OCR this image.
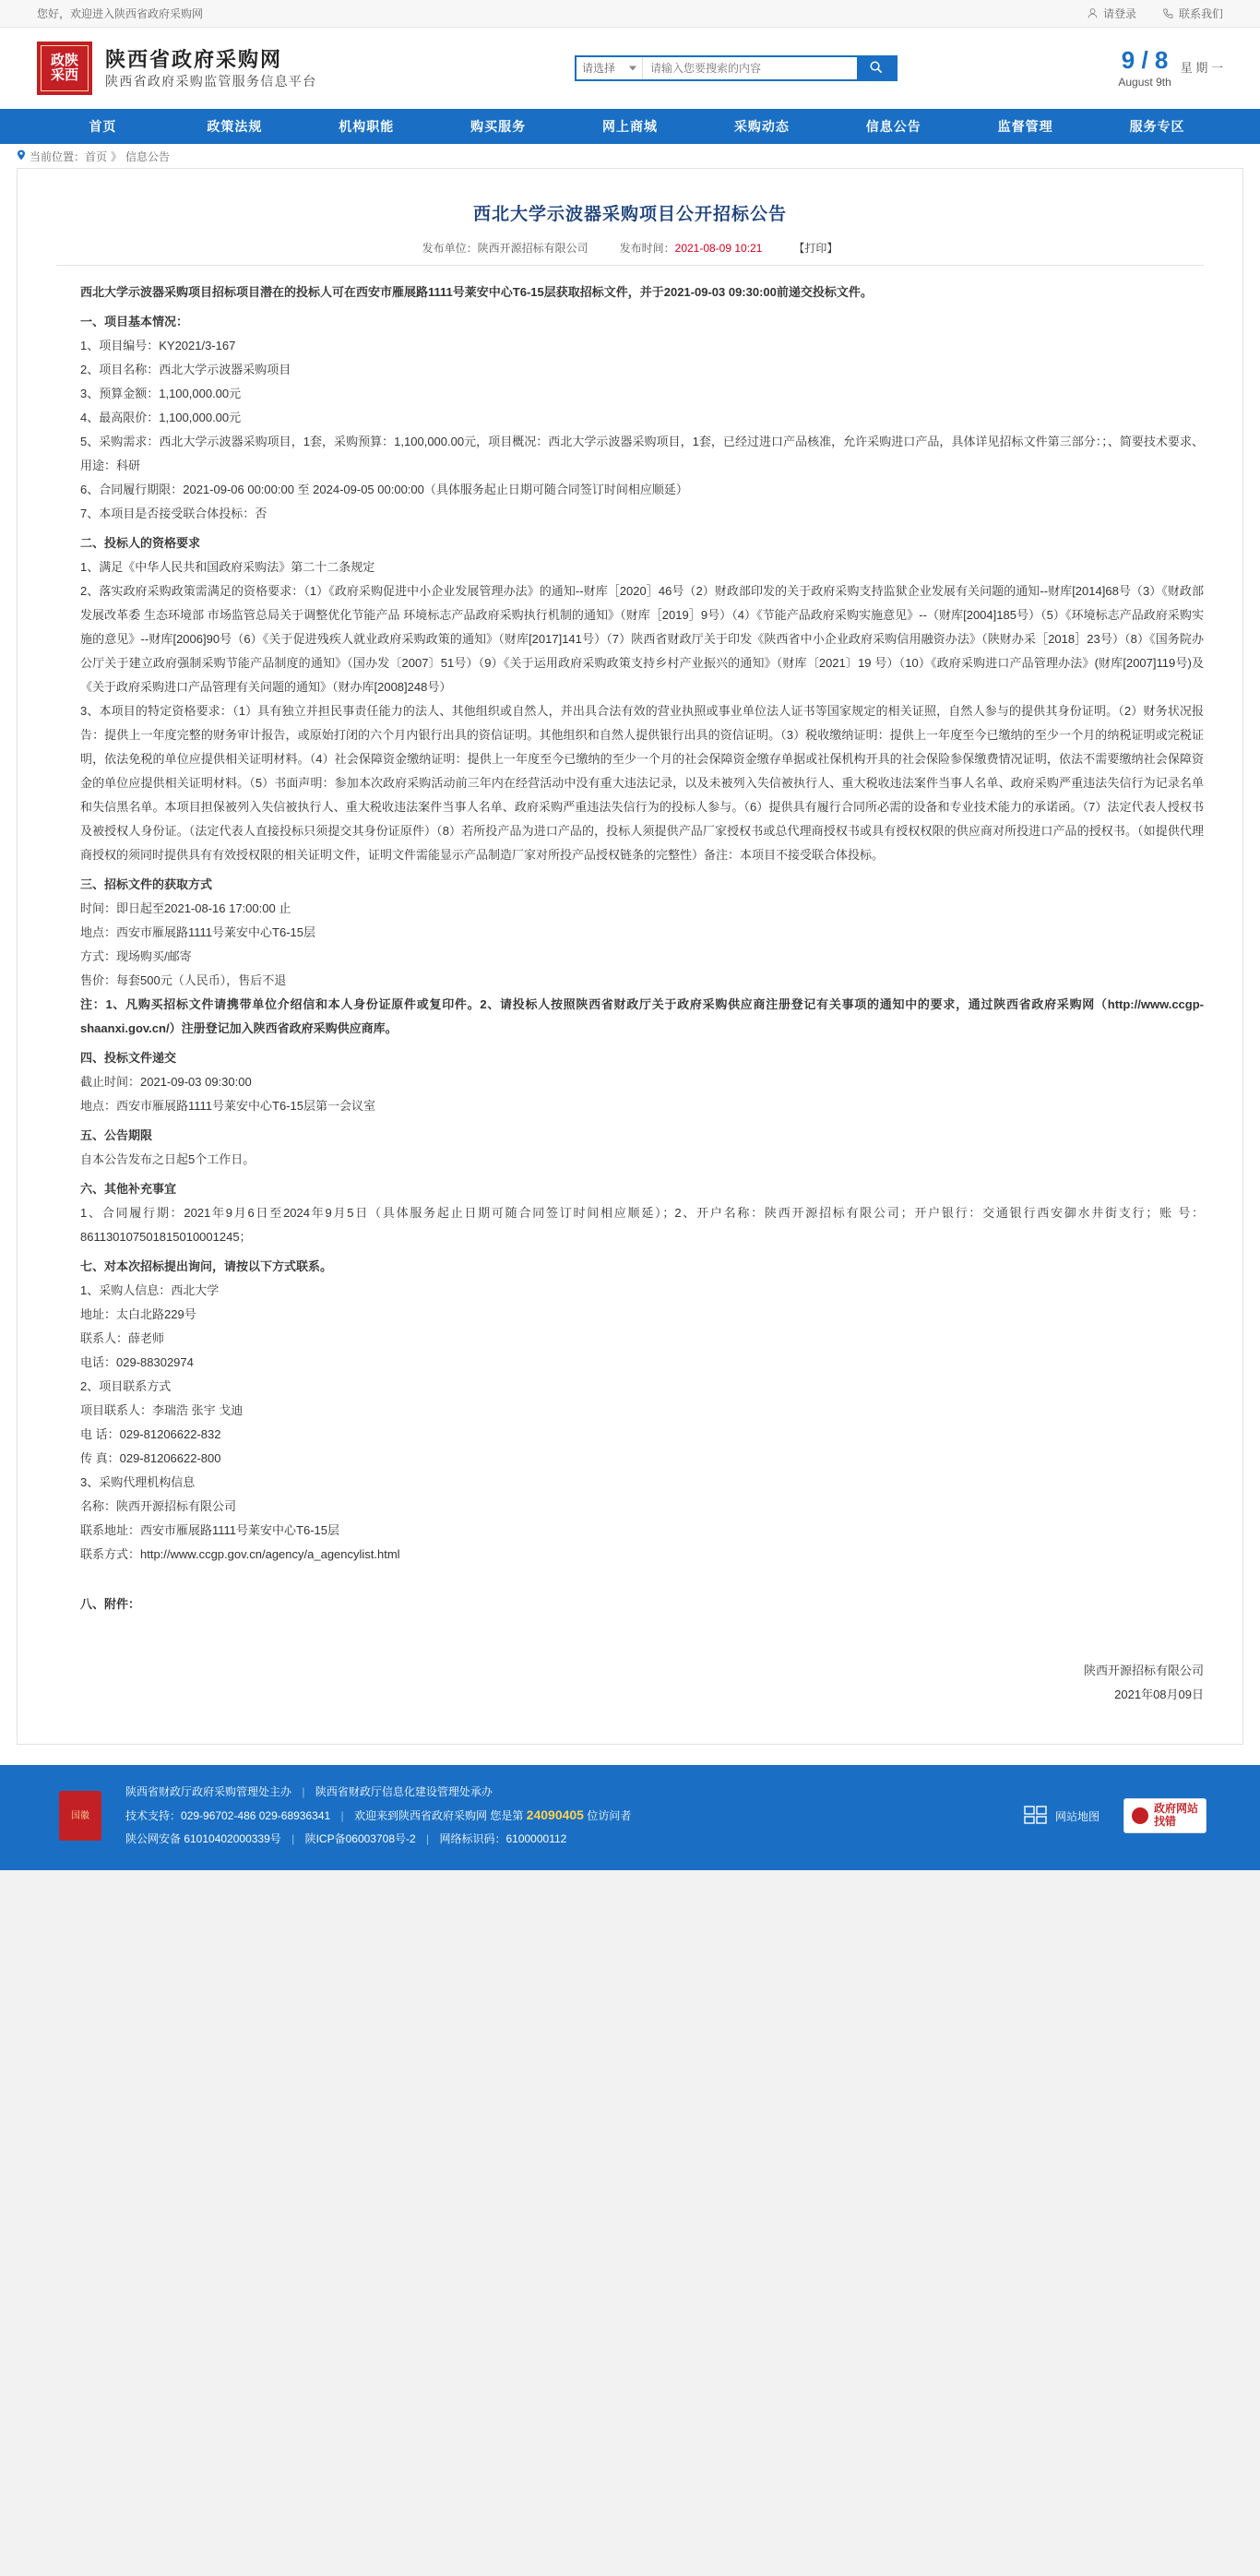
您好，欢迎进入陕西省政府采购网	请登录	联系我们
政陕
采西
陕西省政府采购网
陕西省政府采购监管服务信息平台
请选择
请输入您要搜索的内容
9 / 8
August 9th
星 期 一
首页	政策法规	机构职能	购买服务	网上商城	采购动态	信息公告	监督管理	服务专区
当前位置： 首页 》 信息公告
西北大学示波器采购项目公开招标公告
发布单位：陕西开源招标有限公司	发布时间：2021-08-09 10:21	【打印】
西北大学示波器采购项目招标项目潜在的投标人可在西安市雁展路1111号莱安中心T6-15层获取招标文件，并于2021-09-03 09:30:00前递交投标文件。
一、项目基本情况：
1、项目编号：KY2021/3-167
2、项目名称：西北大学示波器采购项目
3、预算金额：1,100,000.00元
4、最高限价：1,100,000.00元
5、采购需求：西北大学示波器采购项目，1套，采购预算：1,100,000.00元，项目概况：西北大学示波器采购项目，1套，已经过进口产品核准，允许采购进口产品，具体详见招标文件第三部分：；、简要技术要求、用途：科研
6、合同履行期限：2021-09-06 00:00:00 至 2024-09-05 00:00:00（具体服务起止日期可随合同签订时间相应顺延）
7、本项目是否接受联合体投标：否
二、投标人的资格要求
1、满足《中华人民共和国政府采购法》第二十二条规定
2、落实政府采购政策需满足的资格要求：（1）《政府采购促进中小企业发展管理办法》的通知--财库［2020］46号（2）财政部印发的关于政府采购支持监狱企业发展有关问题的通知--财库[2014]68号（3）《财政部 发展改革委 生态环境部 市场监管总局关于调整优化节能产品 环境标志产品政府采购执行机制的通知》（财库［2019］9号）（4）《节能产品政府采购实施意见》--（财库[2004]185号）（5）《环境标志产品政府采购实施的意见》--财库[2006]90号（6）《关于促进残疾人就业政府采购政策的通知》（财库[2017]141号）（7）陕西省财政厅关于印发《陕西省中小企业政府采购信用融资办法》（陕财办采［2018］23号）（8）《国务院办公厅关于建立政府强制采购节能产品制度的通知》（国办发〔2007〕51号）（9）《关于运用政府采购政策支持乡村产业振兴的通知》（财库〔2021〕19 号）（10）《政府采购进口产品管理办法》(财库[2007]119号)及《关于政府采购进口产品管理有关问题的通知》（财办库[2008]248号）
3、本项目的特定资格要求：（1）具有独立并担民事责任能力的法人、其他组织或自然人，并出具合法有效的营业执照或事业单位法人证书等国家规定的相关证照，自然人参与的提供其身份证明。（2）财务状况报告：提供上一年度完整的财务审计报告，或原始打闭的六个月内银行出具的资信证明。其他组织和自然人提供银行出具的资信证明。（3）税收缴纳证明：提供上一年度至今已缴纳的至少一个月的纳税证明或完税证明，依法免税的单位应提供相关证明材料。（4）社会保障资金缴纳证明：提供上一年度至今已缴纳的至少一个月的社会保障资金缴存单据或社保机构开具的社会保险参保缴费情况证明，依法不需要缴纳社会保障资金的单位应提供相关证明材料。（5）书面声明：参加本次政府采购活动前三年内在经营活动中没有重大违法记录，以及未被列入失信被执行人、重大税收违法案件当事人名单、政府采购严重违法失信行为记录名单和失信黑名单。本项目担保被列入失信被执行人、重大税收违法案件当事人名单、政府采购严重违法失信行为的投标人参与。（6）提供具有履行合同所必需的设备和专业技术能力的承诺函。（7）法定代表人授权书及被授权人身份证。（法定代表人直接投标只须提交其身份证原件）（8）若所投产品为进口产品的，投标人须提供产品厂家授权书或总代理商授权书或具有授权权限的供应商对所投进口产品的授权书。（如提供代理商授权的须同时提供具有有效授权限的相关证明文件，证明文件需能显示产品制造厂家对所投产品授权链条的完整性）备注：本项目不接受联合体投标。
三、招标文件的获取方式
时间：即日起至2021-08-16 17:00:00 止
地点：西安市雁展路1111号莱安中心T6-15层
方式：现场购买/邮寄
售价：每套500元（人民币），售后不退
注：1、凡购买招标文件请携带单位介绍信和本人身份证原件或复印件。2、请投标人按照陕西省财政厅关于政府采购供应商注册登记有关事项的通知中的要求，通过陕西省政府采购网（http://www.ccgp-shaanxi.gov.cn/）注册登记加入陕西省政府采购供应商库。
四、投标文件递交
截止时间：2021-09-03 09:30:00
地点：西安市雁展路1111号莱安中心T6-15层第一会议室
五、公告期限
自本公告发布之日起5个工作日。
六、其他补充事宜
1、合同履行期：2021年9月6日至2024年9月5日（具体服务起止日期可随合同签订时间相应顺延）；2、开户名称：陕西开源招标有限公司；开户银行：交通银行西安御水井街支行；账 号：861130107501815010001245；
七、对本次招标提出询问，请按以下方式联系。
1、采购人信息：西北大学
地址：太白北路229号
联系人：薛老师
电话：029-88302974
2、项目联系方式
项目联系人：李瑞浩 张宇 戈迪
电 话：029-81206622-832
传 真：029-81206622-800
3、采购代理机构信息
名称：陕西开源招标有限公司
联系地址：西安市雁展路1111号莱安中心T6-15层
联系方式：http://www.ccgp.gov.cn/agency/a_agencylist.html
八、附件：
陕西开源招标有限公司
2021年08月09日
国徽
陕西省财政厅政府采购管理处主办 | 陕西省财政厅信息化建设管理处承办
技术支持：029-96702-486 029-68936341 | 欢迎来到陕西省政府采购网 您是第 24090405 位访问者
陕公网安备 61010402000339号 | 陕ICP备06003708号-2 | 网络标识码：6100000112
网站地图
政府网站
找错
